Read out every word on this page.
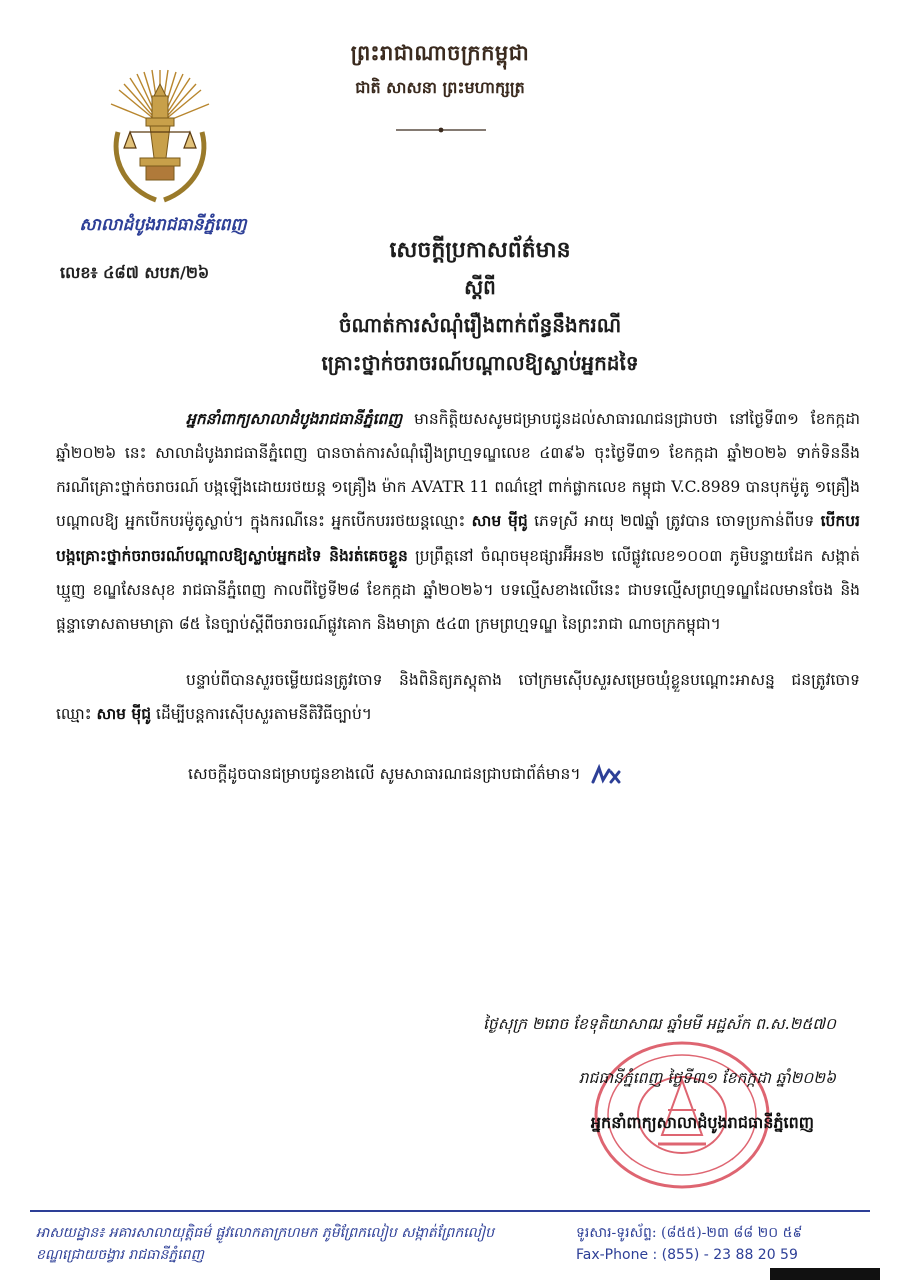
ព្រះរាជាណាចក្រកម្ពុជា
ជាតិ សាសនា ព្រះមហាក្សត្រ
សាលាដំបូងរាជធានីភ្នំពេញ
លេខ៖ ៤៨៧ សបភ/២៦
សេចក្ដីប្រកាសព័ត៌មាន
ស្ដីពី
ចំណាត់ការសំណុំរឿងពាក់ព័ន្ធនឹងករណី
គ្រោះថ្នាក់ចរាចរណ៍បណ្ដាលឱ្យស្លាប់អ្នកដទៃ

អ្នកនាំពាក្យសាលាដំបូងរាជធានីភ្នំពេញ មានកិត្តិយសសូមជម្រាបជូនដល់សាធារណជនជ្រាបថា នៅថ្ងៃទី៣១ ខែកក្កដា ឆ្នាំ២០២៦ នេះ សាលាដំបូងរាជធានីភ្នំពេញ បានចាត់ការសំណុំរឿងព្រហ្មទណ្ឌលេខ ៤៣៩៦ ចុះថ្ងៃទី៣១ ខែកក្កដា ឆ្នាំ២០២៦ ទាក់ទិននឹងករណីគ្រោះថ្នាក់ចរាចរណ៍ បង្កឡើងដោយរថយន្ត ១គ្រឿង ម៉ាក AVATR 11 ពណ៌ខ្មៅ ពាក់ផ្លាកលេខ កម្ពុជា V.C.8989 បានបុកម៉ូតូ ១គ្រឿង បណ្ដាលឱ្យ អ្នកបើកបរម៉ូតូស្លាប់។ ក្នុងករណីនេះ អ្នកបើកបររថយន្តឈ្មោះ សាម ម៉ីជូ ភេទស្រី អាយុ ២៧ឆ្នាំ ត្រូវបាន ចោទប្រកាន់ពីបទ បើកបរបង្កគ្រោះថ្នាក់ចរាចរណ៍បណ្ដាលឱ្យស្លាប់អ្នកដទៃ និងរត់គេចខ្លួន ប្រព្រឹត្តនៅ ចំណុចមុខផ្សារអ៊ីអន២ លើផ្លូវលេខ១០០៣ ភូមិបន្ទាយដែក សង្កាត់ឃ្មួញ ខណ្ឌសែនសុខ រាជធានីភ្នំពេញ កាលពីថ្ងៃទី២៨ ខែកក្កដា ឆ្នាំ២០២៦។ បទល្មើសខាងលើនេះ ជាបទល្មើសព្រហ្មទណ្ឌដែលមានចែង និង ផ្ដន្ទាទោសតាមមាត្រា ៨៥ នៃច្បាប់ស្ដីពីចរាចរណ៍ផ្លូវគោក និងមាត្រា ៥៤៣ ក្រមព្រហ្មទណ្ឌ នៃព្រះរាជា ណាចក្រកម្ពុជា។

បន្ទាប់ពីបានសួរចម្លើយជនត្រូវចោទ និងពិនិត្យភស្តុតាង ចៅក្រមស៊ើបសួរសម្រេចឃុំខ្លួនបណ្ដោះអាសន្ន ជនត្រូវចោទឈ្មោះ សាម ម៉ីជូ ដើម្បីបន្តការស៊ើបសួរតាមនីតិវិធីច្បាប់។

សេចក្ដីដូចបានជម្រាបជូនខាងលើ សូមសាធារណជនជ្រាបជាព័ត៌មាន។

ថ្ងៃសុក្រ ២រោច ខែទុតិយាសាឍ ឆ្នាំមមី អដ្ឋស័ក ព.ស.២៥៧០
រាជធានីភ្នំពេញ ថ្ងៃទី៣១ ខែកក្កដា ឆ្នាំ២០២៦
អ្នកនាំពាក្យសាលាដំបូងរាជធានីភ្នំពេញ
អាសយដ្ឋាន៖ អគារសាលាយុត្តិធម៌ ផ្លូវលោកតាក្រហមក ភូមិព្រែកលៀប សង្កាត់ព្រែកលៀប
ខណ្ឌជ្រោយចង្វារ រាជធានីភ្នំពេញ
ទូរសារ-ទូរស័ព្ទ: (៨៥៥)-២៣ ៨៨ ២០ ៥៩
Fax-Phone : (855) - 23 88 20 59
